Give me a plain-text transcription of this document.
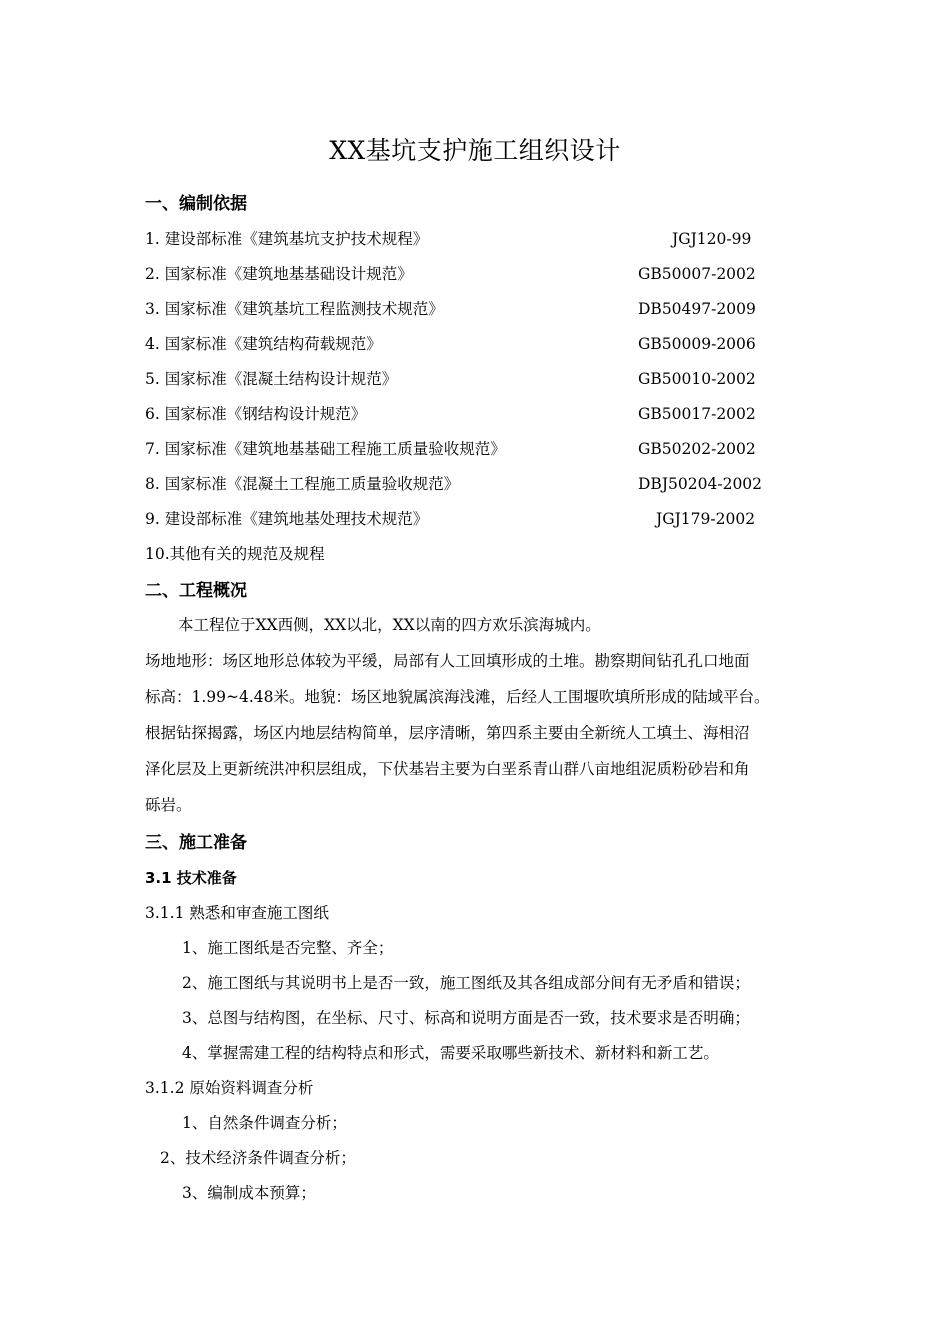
XX基坑支护施工组织设计
一、编制依据
1. 建设部标准《建筑基坑支护技术规程》	JGJ120-99
2. 国家标准《建筑地基基础设计规范》	GB50007-2002
3. 国家标准《建筑基坑工程监测技术规范》	DB50497-2009
4. 国家标准《建筑结构荷载规范》	GB50009-2006
5. 国家标准《混凝土结构设计规范》	GB50010-2002
6. 国家标准《钢结构设计规范》	GB50017-2002
7. 国家标准《建筑地基基础工程施工质量验收规范》	GB50202-2002
8. 国家标准《混凝土工程施工质量验收规范》	DBJ50204-2002
9. 建设部标准《建筑地基处理技术规范》	JGJ179-2002
10.其他有关的规范及规程
二、工程概况
本工程位于XX西侧，XX以北，XX以南的四方欢乐滨海城内。
场地地形：场区地形总体较为平缓，局部有人工回填形成的土堆。勘察期间钻孔孔口地面
标高：1.99~4.48米。地貌：场区地貌属滨海浅滩，后经人工围堰吹填所形成的陆域平台。
根据钻探揭露，场区内地层结构简单，层序清晰，第四系主要由全新统人工填土、海相沼
泽化层及上更新统洪冲积层组成，下伏基岩主要为白垩系青山群八亩地组泥质粉砂岩和角
砾岩。
三、施工准备
3.1 技术准备
3.1.1 熟悉和审查施工图纸
1、施工图纸是否完整、齐全；
2、施工图纸与其说明书上是否一致，施工图纸及其各组成部分间有无矛盾和错误；
3、总图与结构图，在坐标、尺寸、标高和说明方面是否一致，技术要求是否明确；
4、掌握需建工程的结构特点和形式，需要采取哪些新技术、新材料和新工艺。
3.1.2 原始资料调查分析
1、自然条件调查分析；
2、技术经济条件调查分析；
3、编制成本预算；
